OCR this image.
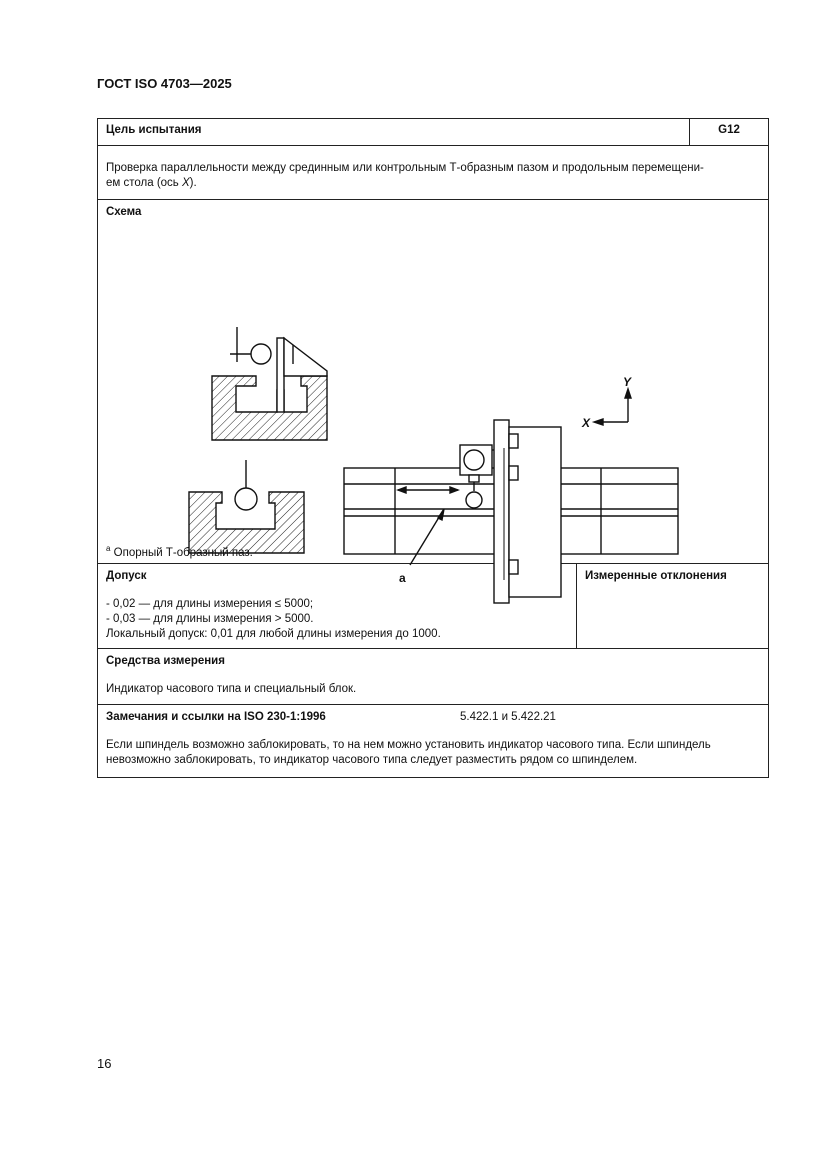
ГОСТ ISO 4703—2025
Цель испытания	G12
Проверка параллельности между срединным или контрольным Т-образным пазом и продольным перемещени-
ем стола (ось X).
Схема
Y
X
a
$^a$ Опорный Т-образный паз.
Допуск
- 0,02 — для длины измерения ≤ 5000;
- 0,03 — для длины измерения > 5000.
Локальный допуск: 0,01 для любой длины измерения до 1000.
Измеренные отклонения
Средства измерения
Индикатор часового типа и специальный блок.
Замечания и ссылки на ISO 230-1:1996	5.422.1 и 5.422.21
Если шпиндель возможно заблокировать, то на нем можно установить индикатор часового типа. Если шпиндель
невозможно заблокировать, то индикатор часового типа следует разместить рядом со шпинделем.
16
